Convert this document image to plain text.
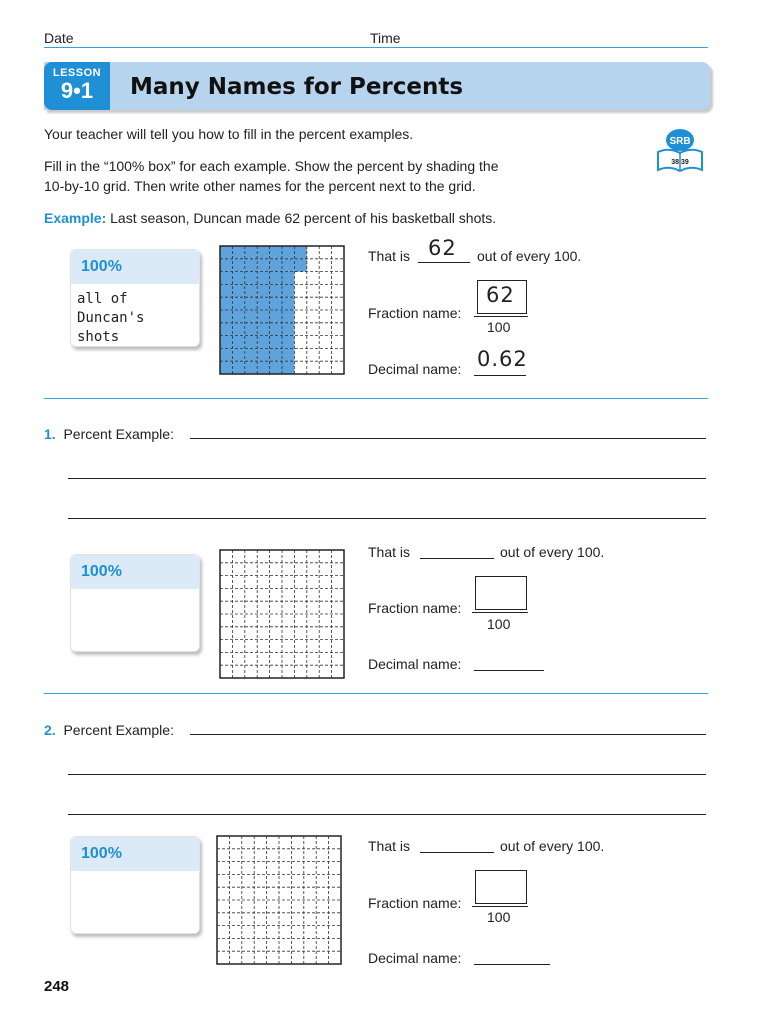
Date	Time
LESSON
9•1	Many Names for Percents
SRB
38 39
Your teacher will tell you how to fill in the percent examples.
Fill in the “100% box” for each example. Show the percent by shading the
10-by-10 grid. Then write other names for the percent next to the grid.
Example: Last season, Duncan made 62 percent of his basketball shots.
100%
all of
Duncan's shots
That is 62 out of every 100.
Fraction name:
62
100
Decimal name: 0.62
1. Percent Example:
100%
That is	out of every 100.
Fraction name:
100
Decimal name:
2. Percent Example:
100%	That is	out of every 100.
Fraction name:
100
Decimal name:
248
